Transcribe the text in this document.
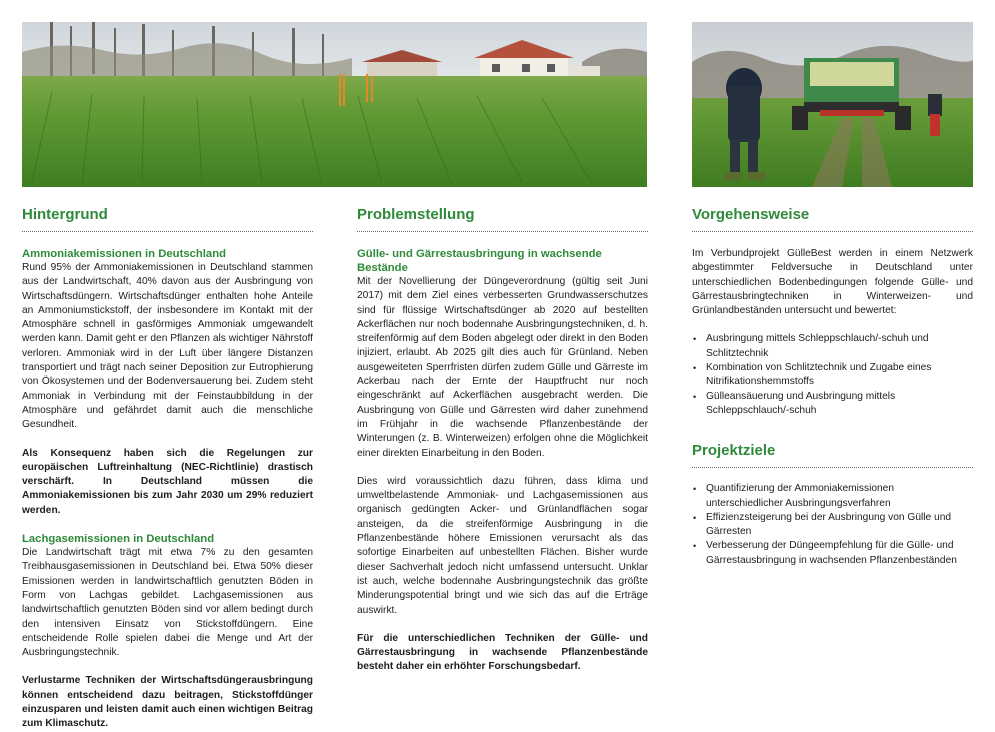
Hintergrund
Ammoniakemissionen in Deutschland

Rund 95% der Ammoniakemissionen in Deutschland stammen aus der Landwirtschaft, 40% davon aus der Ausbringung von Wirtschaftsdüngern. Wirtschaftsdünger enthalten hohe Anteile an Ammoniumstickstoff, der insbesondere im Kontakt mit der Atmosphäre schnell in gasförmiges Ammoniak umgewandelt werden kann. Damit geht er den Pflanzen als wichtiger Nährstoff verloren. Ammoniak wird in der Luft über längere Distanzen transportiert und trägt nach seiner Deposition zur Eutrophierung von Ökosystemen und der Bodenversauerung bei. Zudem steht Ammoniak in Verbindung mit der Feinstaubbildung in der Atmosphäre und gefährdet damit auch die menschliche Gesundheit.

Als Konsequenz haben sich die Regelungen zur europäischen Luftreinhaltung (NEC-Richtlinie) drastisch verschärft. In Deutschland müssen die Ammoniakemissionen bis zum Jahr 2030 um 29% reduziert werden.

Lachgasemissionen in Deutschland

Die Landwirtschaft trägt mit etwa 7% zu den gesamten Treibhausgasemissionen in Deutschland bei. Etwa 50% dieser Emissionen werden in landwirtschaftlich genutzten Böden in Form von Lachgas gebildet. Lachgasemissionen aus landwirtschaftlich genutzten Böden sind vor allem bedingt durch den intensiven Einsatz von Stickstoffdüngern. Eine entscheidende Rolle spielen dabei die Menge und Art der Ausbringungstechnik.

Verlustarme Techniken der Wirtschaftsdüngerausbringung können entscheidend dazu beitragen, Stickstoffdünger einzusparen und leisten damit auch einen wichtigen Beitrag zum Klimaschutz.

Problemstellung
Gülle- und Gärrestausbringung in wachsende Bestände

Mit der Novellierung der Düngeverordnung (gültig seit Juni 2017) mit dem Ziel eines verbesserten Grundwasserschutzes sind für flüssige Wirtschaftsdünger ab 2020 auf bestellten Ackerflächen nur noch bodennahe Ausbringungstechniken, d. h. streifenförmig auf dem Boden abgelegt oder direkt in den Boden injiziert, erlaubt. Ab 2025 gilt dies auch für Grünland. Neben ausgeweiteten Sperrfristen dürfen zudem Gülle und Gärreste im Ackerbau nach der Ernte der Hauptfrucht nur noch eingeschränkt auf Ackerflächen ausgebracht werden. Die Ausbringung von Gülle und Gärresten wird daher zunehmend im Frühjahr in die wachsende Pflanzenbestände der Winterungen (z. B. Winterweizen) erfolgen ohne die Möglichkeit einer direkten Einarbeitung in den Boden.

Dies wird voraussichtlich dazu führen, dass klima und umweltbelastende Ammoniak- und Lachgasemissionen aus organisch gedüngten Acker- und Grünlandflächen sogar ansteigen, da die streifenförmige Ausbringung in die Pflanzenbestände höhere Emissionen verursacht als das sofortige Einarbeiten auf unbestellten Flächen. Bisher wurde dieser Sachverhalt jedoch nicht umfassend untersucht. Unklar ist auch, welche bodennahe Ausbringungstechnik das größte Minderungspotential bringt und wie sich das auf die Erträge auswirkt.

Für die unterschiedlichen Techniken der Gülle- und Gärrestausbringung in wachsende Pflanzenbestände besteht daher ein erhöhter Forschungsbedarf.

Vorgehensweise

Im Verbundprojekt GülleBest werden in einem Netzwerk abgestimmter Feldversuche in Deutschland unter unterschiedlichen Bodenbedingungen folgende Gülle- und Gärrestausbringtechniken in Winterweizen- und Grünlandbeständen untersucht und bewertet:

• Ausbringung mittels Schleppschlauch/-schuh und Schlitztechnik
• Kombination von Schlitztechnik und Zugabe eines Nitrifikationshemmstoffs
• Gülleansäuerung und Ausbringung mittels Schleppschlauch/-schuh
Projektziele
• Quantifizierung der Ammoniakemissionen unterschiedlicher Ausbringungsverfahren
• Effizienzsteigerung bei der Ausbringung von Gülle und Gärresten
• Verbesserung der Düngeempfehlung für die Gülle- und Gärrestausbringung in wachsenden Pflanzenbeständen
